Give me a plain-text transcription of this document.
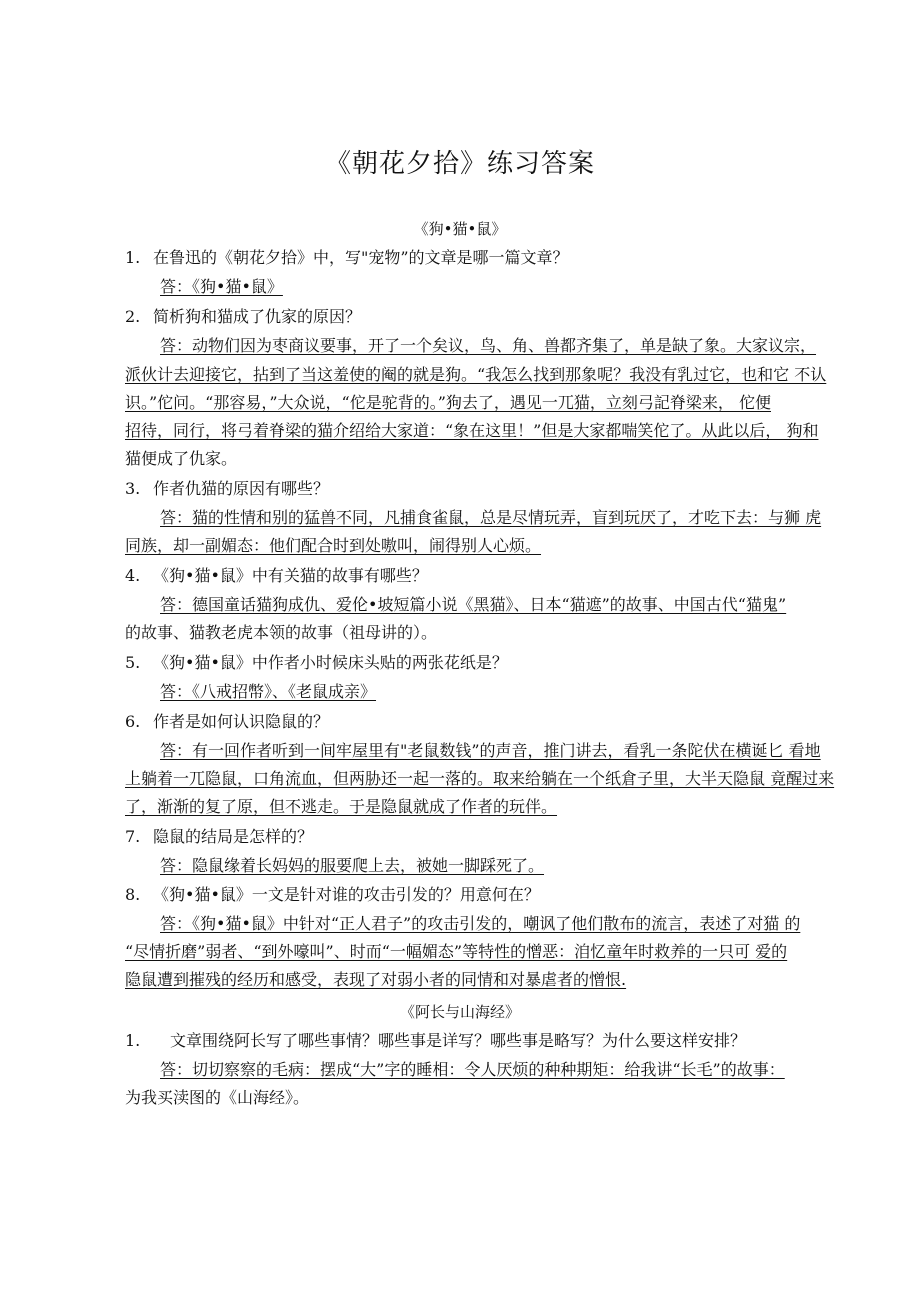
《朝花夕拾》练习答案
《狗•猫•鼠》
1. 在鲁迅的《朝花夕拾》中，写"宠物”的文章是哪一篇文章？
答：《狗•猫•鼠》
2. 简析狗和猫成了仇家的原因？
答：动物们因为枣商议要事，开了一个矣议，鸟、角、兽都齐集了，单是缺了象。大家议宗，
派伙计去迎接它，拈到了当这羞使的阉的就是狗。“我怎么找到那象呢？我没有乳过它，也和它 不认
识。”佗问。“那容易，”大众说，“佗是驼背的。”狗去了，遇见一兀猫，立刻弓記脊梁来， 佗便
招待，同行，将弓着脊梁的猫介绍给大家道：“象在这里！”但是大家都喘笑佗了。从此以后， 狗和
猫便成了仇家。
3. 作者仇猫的原因有哪些？
答：猫的性情和别的猛兽不同，凡捕食雀鼠，总是尽情玩弄，盲到玩厌了，才吃下去：与狮 虎
同族，却一副媚态：他们配合时到处嗷叫，闹得别人心烦。
4. 《狗•猫•鼠》中有关猫的故事有哪些？
答：德国童话猫狗成仇、爱伦•坡短篇小说《黑猫》、日本“猫遮”的故事、中国古代“猫鬼”
的故事、猫教老虎本领的故事（祖母讲的）。
5. 《狗•猫•鼠》中作者小时候床头贴的两张花纸是？
答：《八戒招幣》、《老鼠成亲》
6. 作者是如何认识隐鼠的？
答：有一回作者听到一间牢屋里有"老鼠数钱”的声音，推门讲去，看乳一条陀伏在横诞匕 看地
上躺着一兀隐鼠，口角流血，但两胁还一起一落的。取来给躺在一个纸倉子里，大半天隐鼠 竟醒过来
了，渐渐的复了原，但不逃走。于是隐鼠就成了作者的玩伴。
7. 隐鼠的结局是怎样的？
答：隐鼠缘着长妈妈的服要爬上去，被她一脚踩死了。
8. 《狗•猫•鼠》一文是针对谁的攻击引发的？用意何在？
答：《狗•猫•鼠》中针对“正人君子”的攻击引发的，嘲讽了他们散布的流言，表述了对猫 的
“尽情折磨”弱者、“到外嚎叫”、时而“一幅媚态”等特性的憎恶：洎忆童年时救养的一只可 爱的
隐鼠遭到摧残的经历和感受，表现了对弱小者的同情和对暴虐者的憎恨.
《阿长与山海经》
1. 文章围绕阿长写了哪些事情？哪些事是详写？哪些事是略写？为什么要这样安排？
答：切切察察的毛病：摆成“大”字的睡相：令人厌烦的种种期矩：给我讲“长毛”的故事：
为我买渎图的《山海经》。
